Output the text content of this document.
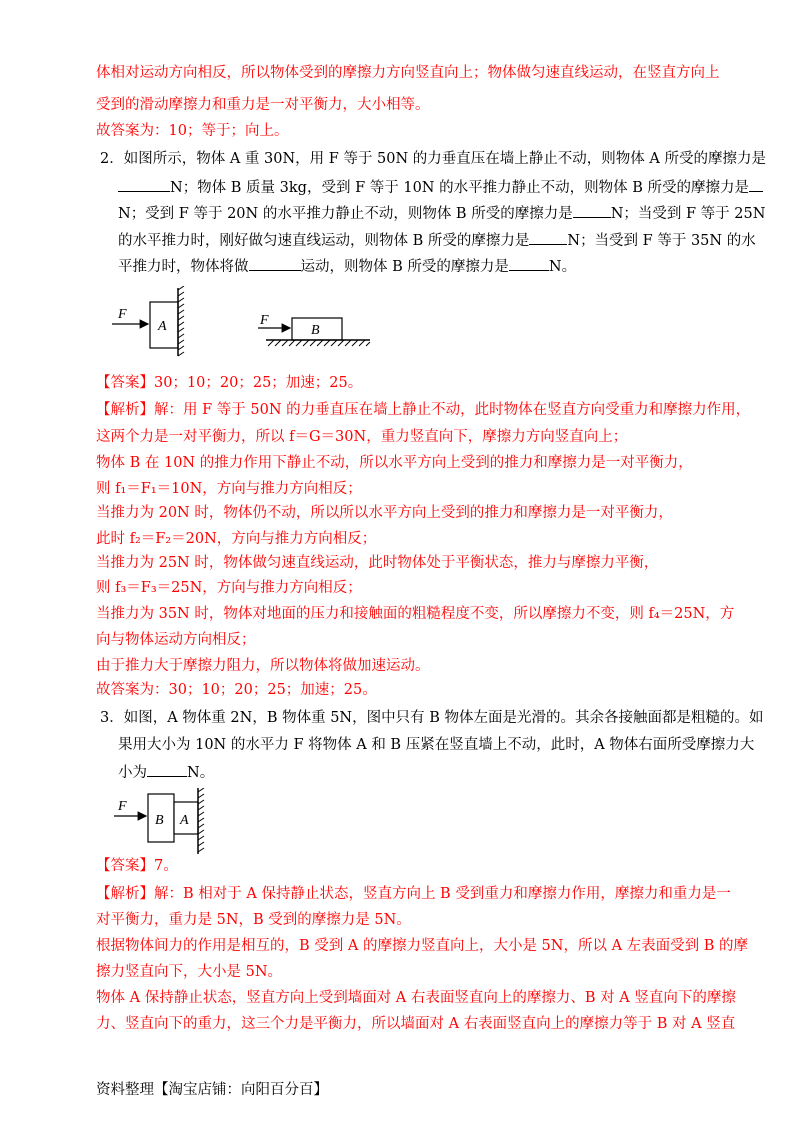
体相对运动方向相反，所以物体受到的摩擦力方向竖直向上；物体做匀速直线运动，在竖直方向上
受到的滑动摩擦力和重力是一对平衡力，大小相等。
故答案为：10；等于；向上。
2．如图所示，物体 A 重 30N，用 F 等于 50N 的力垂直压在墙上静止不动，则物体 A 所受的摩擦力是
N；物体 B 质量 3kg，受到 F 等于 10N 的水平推力静止不动，则物体 B 所受的摩擦力是
N；受到 F 等于 20N 的水平推力静止不动，则物体 B 所受的摩擦力是	N；当受到 F 等于 25N
的水平推力时，刚好做匀速直线运动，则物体 B 所受的摩擦力是	N；当受到 F 等于 35N 的水
平推力时，物体将做	运动，则物体 B 所受的摩擦力是	N。
F
A	F
B
【答案】30；10；20；25；加速；25。
【解析】解：用 F 等于 50N 的力垂直压在墙上静止不动，此时物体在竖直方向受重力和摩擦力作用，
这两个力是一对平衡力，所以 f＝G＝30N，重力竖直向下，摩擦力方向竖直向上；
物体 B 在 10N 的推力作用下静止不动，所以水平方向上受到的推力和摩擦力是一对平衡力，
则 f₁＝F₁＝10N，方向与推力方向相反；
当推力为 20N 时，物体仍不动，所以所以水平方向上受到的推力和摩擦力是一对平衡力，
此时 f₂＝F₂＝20N，方向与推力方向相反；
当推力为 25N 时，物体做匀速直线运动，此时物体处于平衡状态，推力与摩擦力平衡，
则 f₃＝F₃＝25N，方向与推力方向相反；
当推力为 35N 时，物体对地面的压力和接触面的粗糙程度不变，所以摩擦力不变，则 f₄＝25N，方
向与物体运动方向相反；
由于推力大于摩擦力阻力，所以物体将做加速运动。
故答案为：30；10；20；25；加速；25。
3．如图，A 物体重 2N，B 物体重 5N，图中只有 B 物体左面是光滑的。其余各接触面都是粗糙的。如
果用大小为 10N 的水平力 F 将物体 A 和 B 压紧在竖直墙上不动，此时，A 物体右面所受摩擦力大
小为	N。
F
B A
【答案】7。
【解析】解：B 相对于 A 保持静止状态，竖直方向上 B 受到重力和摩擦力作用，摩擦力和重力是一
对平衡力，重力是 5N，B 受到的摩擦力是 5N。
根据物体间力的作用是相互的，B 受到 A 的摩擦力竖直向上，大小是 5N，所以 A 左表面受到 B 的摩
擦力竖直向下，大小是 5N。
物体 A 保持静止状态，竖直方向上受到墙面对 A 右表面竖直向上的摩擦力、B 对 A 竖直向下的摩擦
力、竖直向下的重力，这三个力是平衡力，所以墙面对 A 右表面竖直向上的摩擦力等于 B 对 A 竖直
资料整理【淘宝店铺：向阳百分百】
